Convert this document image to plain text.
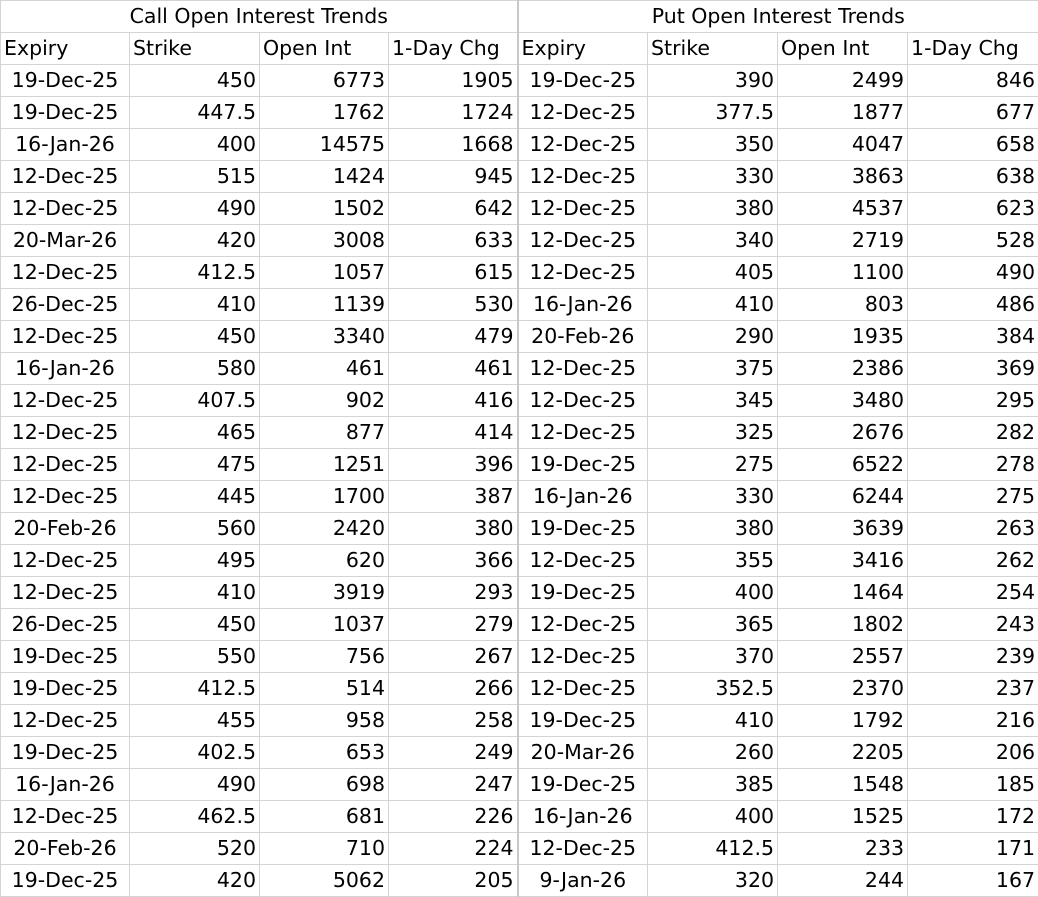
Call Open Interest Trends				Put Open Interest Trends			
Expiry	Strike	Open Int	1-Day Chg	Expiry	Strike	Open Int	1-Day Chg
19-Dec-25	450	6773	1905	19-Dec-25	390	2499	846
19-Dec-25	447.5	1762	1724	12-Dec-25	377.5	1877	677
16-Jan-26	400	14575	1668	12-Dec-25	350	4047	658
12-Dec-25	515	1424	945	12-Dec-25	330	3863	638
12-Dec-25	490	1502	642	12-Dec-25	380	4537	623
20-Mar-26	420	3008	633	12-Dec-25	340	2719	528
12-Dec-25	412.5	1057	615	12-Dec-25	405	1100	490
26-Dec-25	410	1139	530	16-Jan-26	410	803	486
12-Dec-25	450	3340	479	20-Feb-26	290	1935	384
16-Jan-26	580	461	461	12-Dec-25	375	2386	369
12-Dec-25	407.5	902	416	12-Dec-25	345	3480	295
12-Dec-25	465	877	414	12-Dec-25	325	2676	282
12-Dec-25	475	1251	396	19-Dec-25	275	6522	278
12-Dec-25	445	1700	387	16-Jan-26	330	6244	275
20-Feb-26	560	2420	380	19-Dec-25	380	3639	263
12-Dec-25	495	620	366	12-Dec-25	355	3416	262
12-Dec-25	410	3919	293	19-Dec-25	400	1464	254
26-Dec-25	450	1037	279	12-Dec-25	365	1802	243
19-Dec-25	550	756	267	12-Dec-25	370	2557	239
19-Dec-25	412.5	514	266	12-Dec-25	352.5	2370	237
12-Dec-25	455	958	258	19-Dec-25	410	1792	216
19-Dec-25	402.5	653	249	20-Mar-26	260	2205	206
16-Jan-26	490	698	247	19-Dec-25	385	1548	185
12-Dec-25	462.5	681	226	16-Jan-26	400	1525	172
20-Feb-26	520	710	224	12-Dec-25	412.5	233	171
19-Dec-25	420	5062	205	9-Jan-26	320	244	167
